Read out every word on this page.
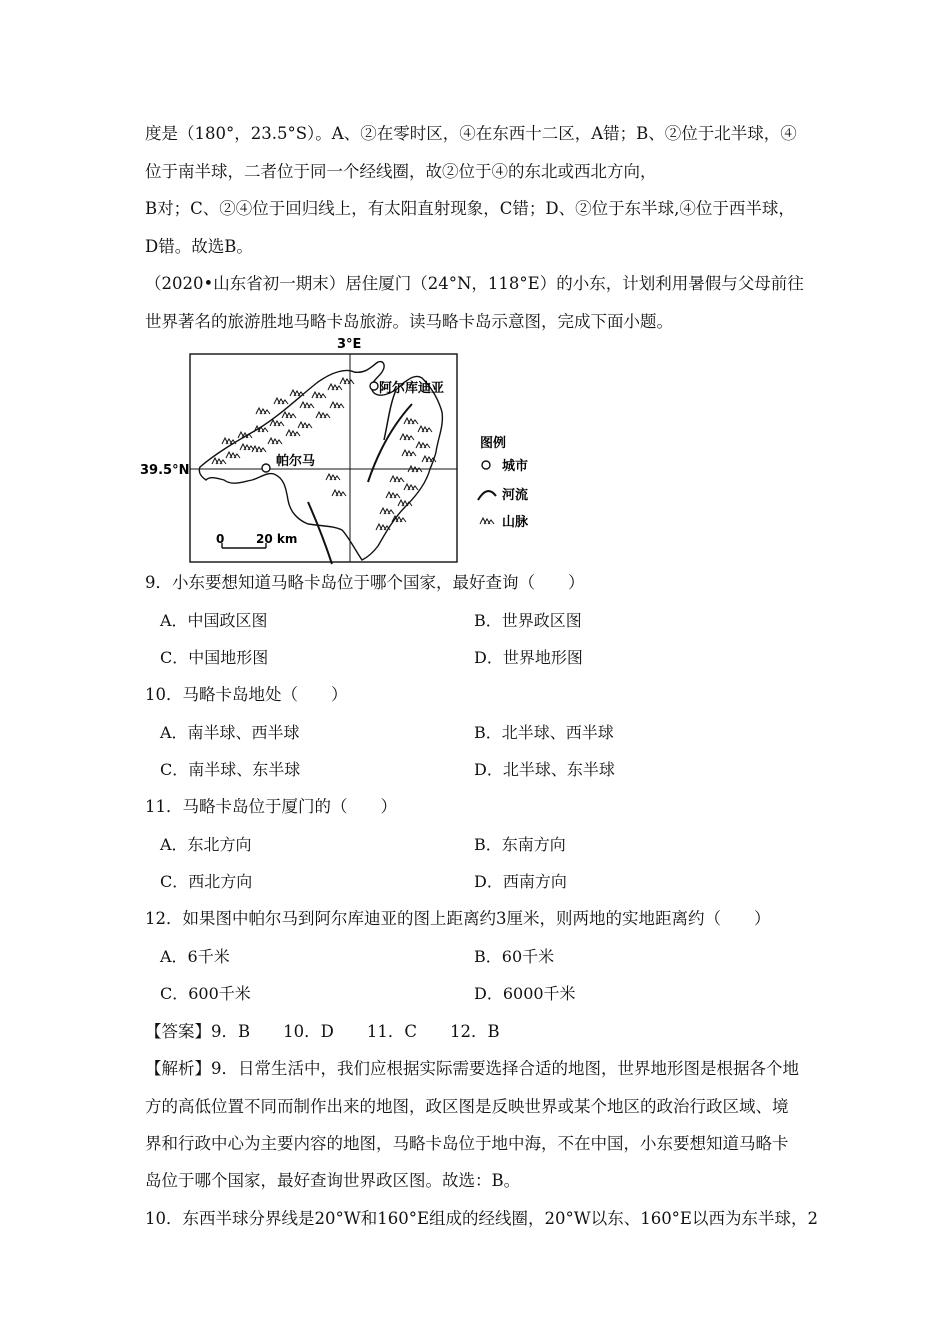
度是（180°，23.5°S）。A、②在零时区，④在东西十二区，A错；B、②位于北半球，④
位于南半球，二者位于同一个经线圈，故②位于④的东北或西北方向，
B对；C、②④位于回归线上，有太阳直射现象，C错；D、②位于东半球,④位于西半球，
D错。故选B。
（2020•山东省初一期末）居住厦门（24°N，118°E）的小东，计划利用暑假与父母前往
世界著名的旅游胜地马略卡岛旅游。读马略卡岛示意图，完成下面小题。
阿尔库迪亚
帕尔马
3°E
39.5°N
0	20 km
图例
城市
河流
山脉
9．小东要想知道马略卡岛位于哪个国家，最好查询（　　）
A．中国政区图	B．世界政区图
C．中国地形图	D．世界地形图
10．马略卡岛地处（　　）
A．南半球、西半球	B．北半球、西半球
C．南半球、东半球	D．北半球、东半球
11．马略卡岛位于厦门的（　　）
A．东北方向	B．东南方向
C．西北方向	D．西南方向
12．如果图中帕尔马到阿尔库迪亚的图上距离约3厘米，则两地的实地距离约（　　）
A．6千米	B．60千米
C．600千米	D．6000千米
【答案】9．B　　10．D　　11．C　　12．B
【解析】9．日常生活中，我们应根据实际需要选择合适的地图，世界地形图是根据各个地
方的高低位置不同而制作出来的地图，政区图是反映世界或某个地区的政治行政区域、境
界和行政中心为主要内容的地图，马略卡岛位于地中海，不在中国，小东要想知道马略卡
岛位于哪个国家，最好查询世界政区图。故选：B。
10．东西半球分界线是20°W和160°E组成的经线圈，20°W以东、160°E以西为东半球，2
